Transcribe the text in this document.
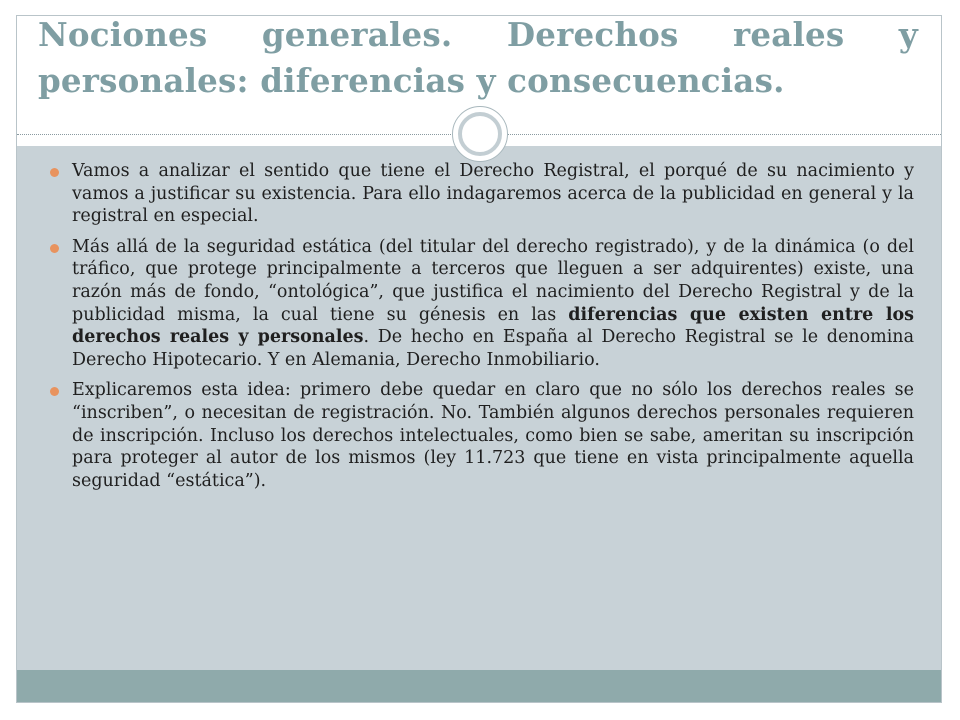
Nociones generales. Derechos reales y personales: diferencias y consecuencias.
Vamos a analizar el sentido que tiene el Derecho Registral, el porqué de su nacimiento y vamos a justificar su existencia. Para ello indagaremos acerca de la publicidad en general y la registral en especial.
Más allá de la seguridad estática (del titular del derecho registrado), y de la dinámica (o del tráfico, que protege principalmente a terceros que lleguen a ser adquirentes) existe, una razón más de fondo, “ontológica”, que justifica el nacimiento del Derecho Registral y de la publicidad misma, la cual tiene su génesis en las diferencias que existen entre los derechos reales y personales. De hecho en España al Derecho Registral se le denomina Derecho Hipotecario. Y en Alemania, Derecho Inmobiliario.
Explicaremos esta idea: primero debe quedar en claro que no sólo los derechos reales se “inscriben”, o necesitan de registración. No. También algunos derechos personales requieren de inscripción. Incluso los derechos intelectuales, como bien se sabe, ameritan su inscripción para proteger al autor de los mismos (ley 11.723 que tiene en vista principalmente aquella seguridad “estática”).
